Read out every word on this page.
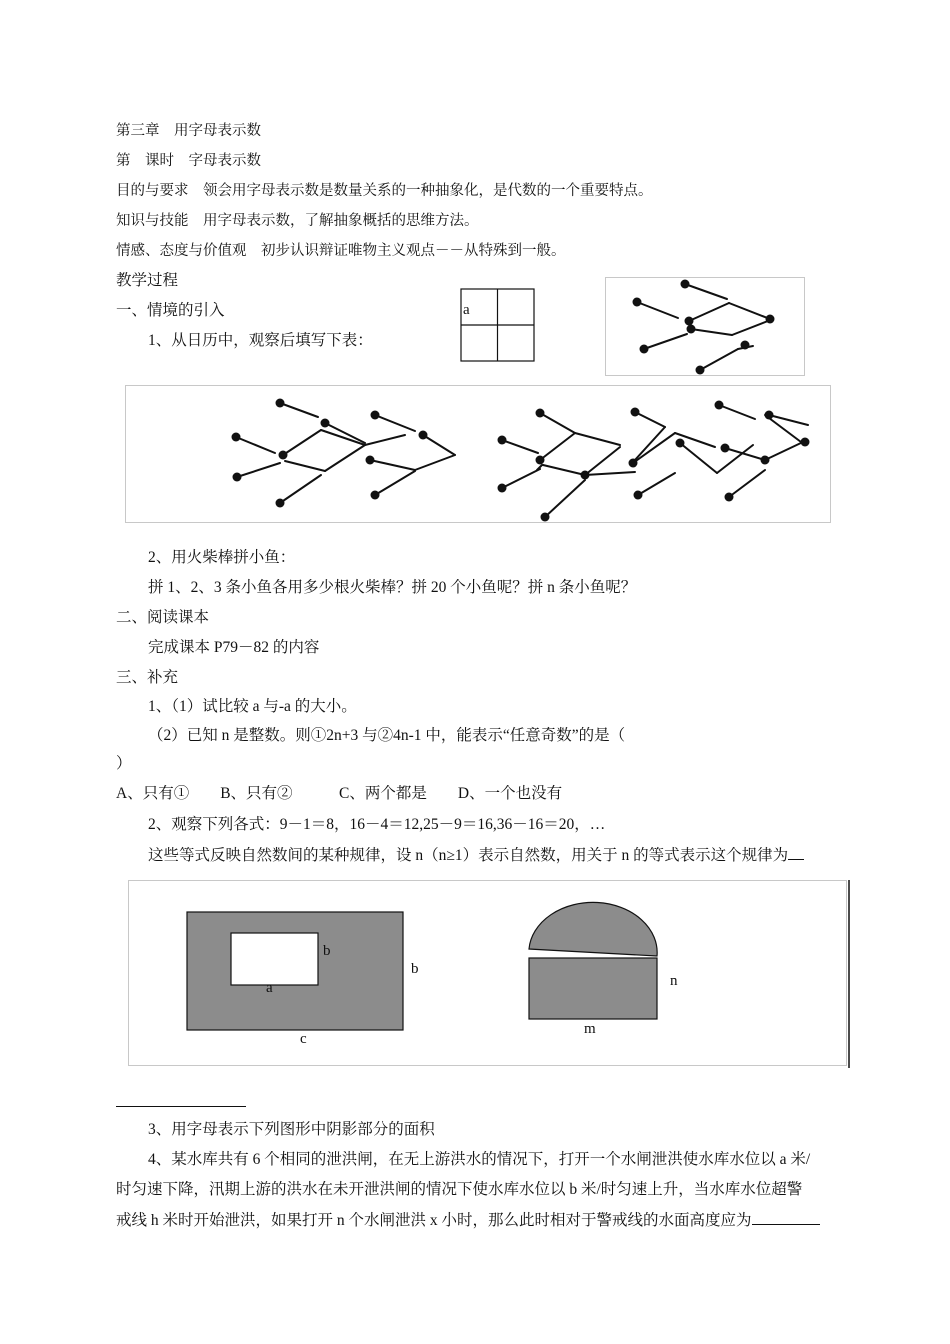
第三章　用字母表示数
第　课时　字母表示数
目的与要求　领会用字母表示数是数量关系的一种抽象化，是代数的一个重要特点。
知识与技能　用字母表示数，了解抽象概括的思维方法。
情感、态度与价值观　初步认识辩证唯物主义观点－－从特殊到一般。
教学过程
一、情境的引入
1、从日历中，观察后填写下表：
a
2、用火柴棒拼小鱼：
拼 1、2、3 条小鱼各用多少根火柴棒？拼 20 个小鱼呢？拼 n 条小鱼呢？
二、阅读课本
完成课本 P79－82 的内容
三、补充
1、（1）试比较 a 与-a 的大小。
（2）已知 n 是整数。则①2n+3 与②4n-1 中，能表示“任意奇数”的是（
）
A、只有①　　B、只有②　　　C、两个都是　　D、一个也没有
2、观察下列各式：9－1＝8，16－4＝12,25－9＝16,36－16＝20，…
这些等式反映自然数间的某种规律，设 n（n≥1）表示自然数，用关于 n 的等式表示这个规律为
b
a
b
c
n
m
3、用字母表示下列图形中阴影部分的面积
4、某水库共有 6 个相同的泄洪闸，在无上游洪水的情况下，打开一个水闸泄洪使水库水位以 a 米/
时匀速下降，汛期上游的洪水在未开泄洪闸的情况下使水库水位以 b 米/时匀速上升，当水库水位超警
戒线 h 米时开始泄洪，如果打开 n 个水闸泄洪 x 小时，那么此时相对于警戒线的水面高度应为
